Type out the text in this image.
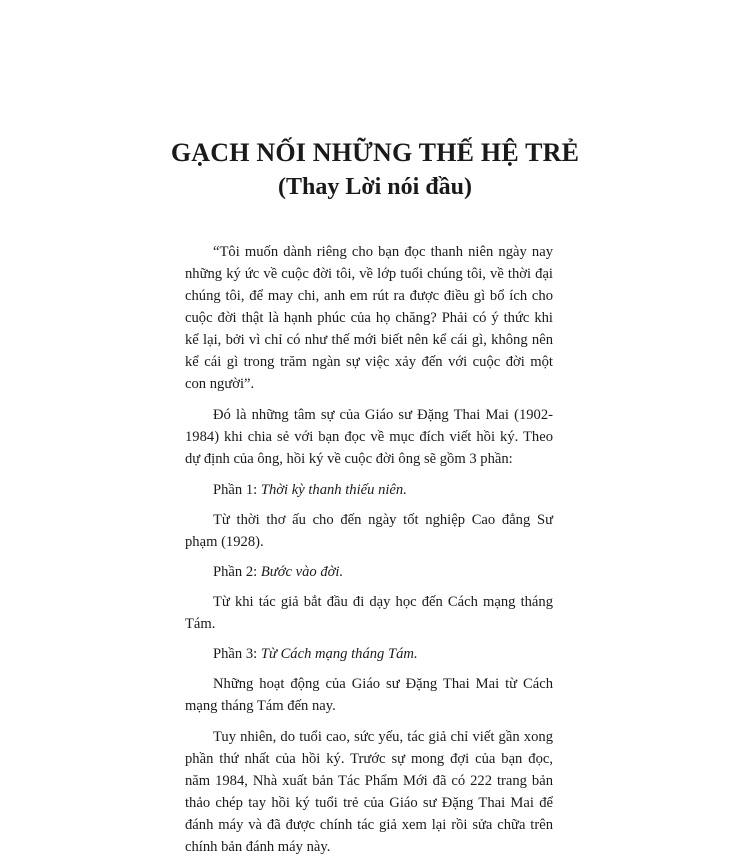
GẠCH NỐI NHỮNG THẾ HỆ TRẺ
(Thay Lời nói đầu)

“Tôi muốn dành riêng cho bạn đọc thanh niên ngày nay những ký ức về cuộc đời tôi, về lớp tuổi chúng tôi, về thời đại chúng tôi, để may chi, anh em rút ra được điều gì bổ ích cho cuộc đời thật là hạnh phúc của họ chăng? Phải có ý thức khi kể lại, bởi vì chỉ có như thế mới biết nên kể cái gì, không nên kể cái gì trong trăm ngàn sự việc xảy đến với cuộc đời một con người”.

Đó là những tâm sự của Giáo sư Đặng Thai Mai (1902-1984) khi chia sẻ với bạn đọc về mục đích viết hồi ký. Theo dự định của ông, hồi ký về cuộc đời ông sẽ gồm 3 phần:

Phần 1: Thời kỳ thanh thiếu niên.

Từ thời thơ ấu cho đến ngày tốt nghiệp Cao đẳng Sư phạm (1928).

Phần 2: Bước vào đời.

Từ khi tác giả bắt đầu đi dạy học đến Cách mạng tháng Tám.

Phần 3: Từ Cách mạng tháng Tám.

Những hoạt động của Giáo sư Đặng Thai Mai từ Cách mạng tháng Tám đến nay.

Tuy nhiên, do tuổi cao, sức yếu, tác giả chỉ viết gần xong phần thứ nhất của hồi ký. Trước sự mong đợi của bạn đọc, năm 1984, Nhà xuất bản Tác Phẩm Mới đã có 222 trang bản thảo chép tay hồi ký tuổi trẻ của Giáo sư Đặng Thai Mai để đánh máy và đã được chính tác giả xem lại rồi sửa chữa trên chính bản đánh máy này.
